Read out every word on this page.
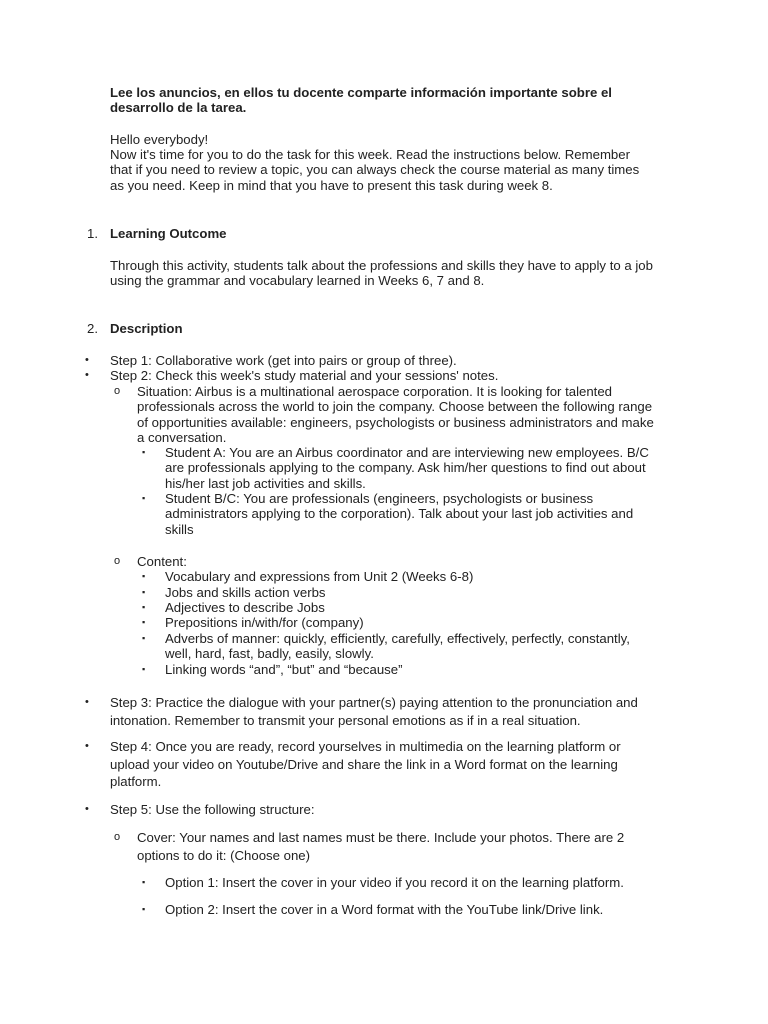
Lee los anuncios, en ellos tu docente comparte información importante sobre el desarrollo de la tarea.
Hello everybody!
Now it's time for you to do the task for this week. Read the instructions below. Remember that if you need to review a topic, you can always check the course material as many times as you need. Keep in mind that you have to present this task during week 8.
1. Learning Outcome
Through this activity, students talk about the professions and skills they have to apply to a job using the grammar and vocabulary learned in Weeks 6, 7 and 8.
2. Description
• Step 1: Collaborative work (get into pairs or group of three).
• Step 2: Check this week's study material and your sessions' notes.
o Situation: Airbus is a multinational aerospace corporation. It is looking for talented professionals across the world to join the company. Choose between the following range of opportunities available: engineers, psychologists or business administrators and make a conversation.
▪ Student A: You are an Airbus coordinator and are interviewing new employees. B/C are professionals applying to the company. Ask him/her questions to find out about his/her last job activities and skills.
▪ Student B/C: You are professionals (engineers, psychologists or business administrators applying to the corporation). Talk about your last job activities and skills
o Content:
▪ Vocabulary and expressions from Unit 2 (Weeks 6-8)
▪ Jobs and skills action verbs
▪ Adjectives to describe Jobs
▪ Prepositions in/with/for (company)
▪ Adverbs of manner: quickly, efficiently, carefully, effectively, perfectly, constantly, well, hard, fast, badly, easily, slowly.
▪ Linking words “and”, “but” and “because”
• Step 3: Practice the dialogue with your partner(s) paying attention to the pronunciation and intonation. Remember to transmit your personal emotions as if in a real situation.
• Step 4: Once you are ready, record yourselves in multimedia on the learning platform or upload your video on Youtube/Drive and share the link in a Word format on the learning platform.
• Step 5: Use the following structure:
o Cover: Your names and last names must be there. Include your photos. There are 2 options to do it: (Choose one)
▪ Option 1: Insert the cover in your video if you record it on the learning platform.
▪ Option 2: Insert the cover in a Word format with the YouTube link/Drive link.
